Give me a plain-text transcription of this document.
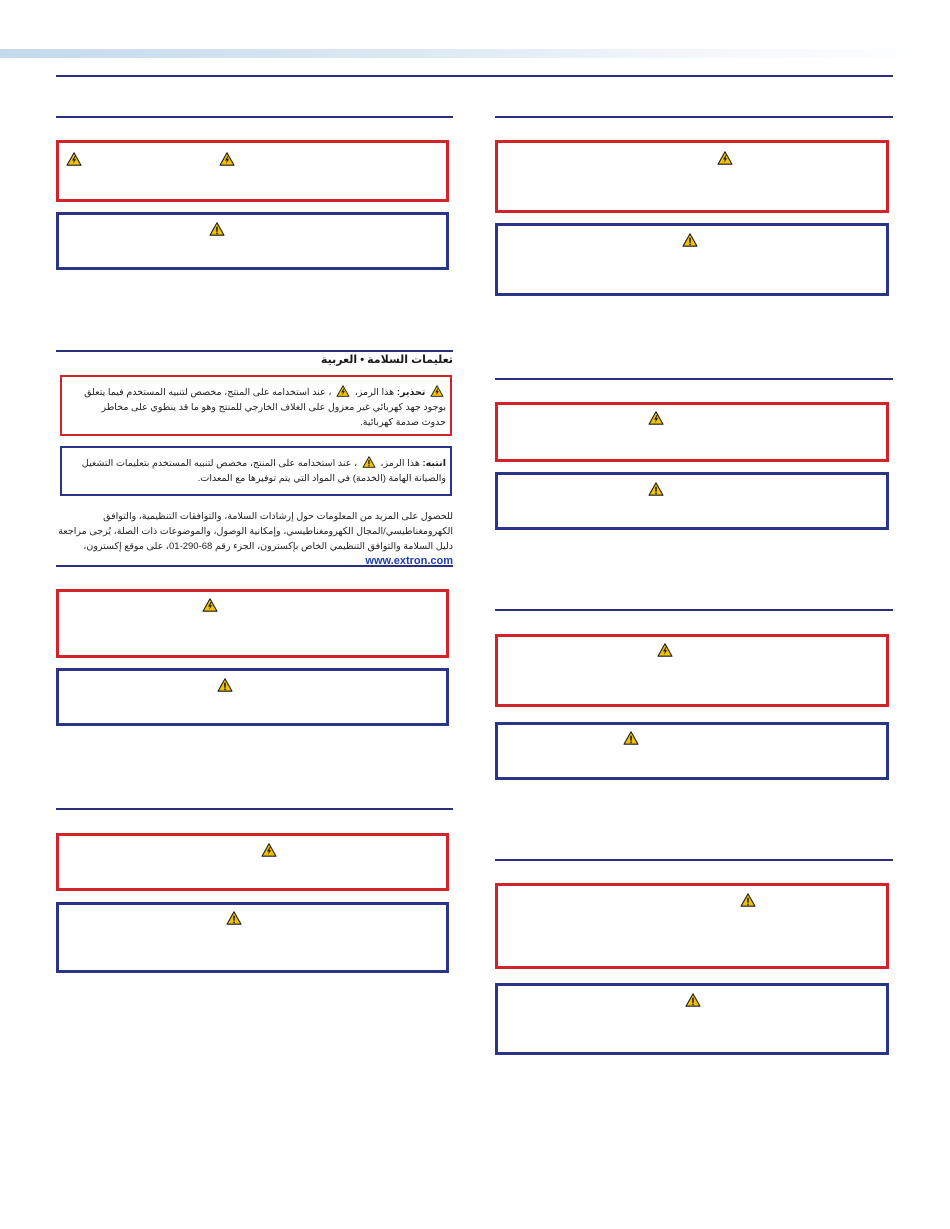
تعليمات السلامة • العربية
تحذير: هذا الرمز،  ، عند استخدامه على المنتج، مخصص لتنبيه المستخدم فيما يتعلق بوجود جهد كهربائي غير معزول على الغلاف الخارجي للمنتج وهو ما قد ينطوي على مخاطر حدوث صدمة كهربائية.
انتبه: هذا الرمز،  ، عند استخدامه على المنتج، مخصص لتنبيه المستخدم بتعليمات التشغيل والصيانة الهامة (الخدمة) في المواد التي يتم توفيرها مع المعدات.
للحصول على المزيد من المعلومات حول إرشادات السلامة، والتوافقات التنظيمية، والتوافق الكهرومغناطيسي/المجال الكهرومغناطيسي، وإمكانية الوصول، والموضوعات ذات الصلة، يُرجى مراجعة دليل السلامة والتوافق التنظيمي الخاص بإكسترون، الجزء رقم 68-290-01، على موقع إكسترون، www.extron.com
